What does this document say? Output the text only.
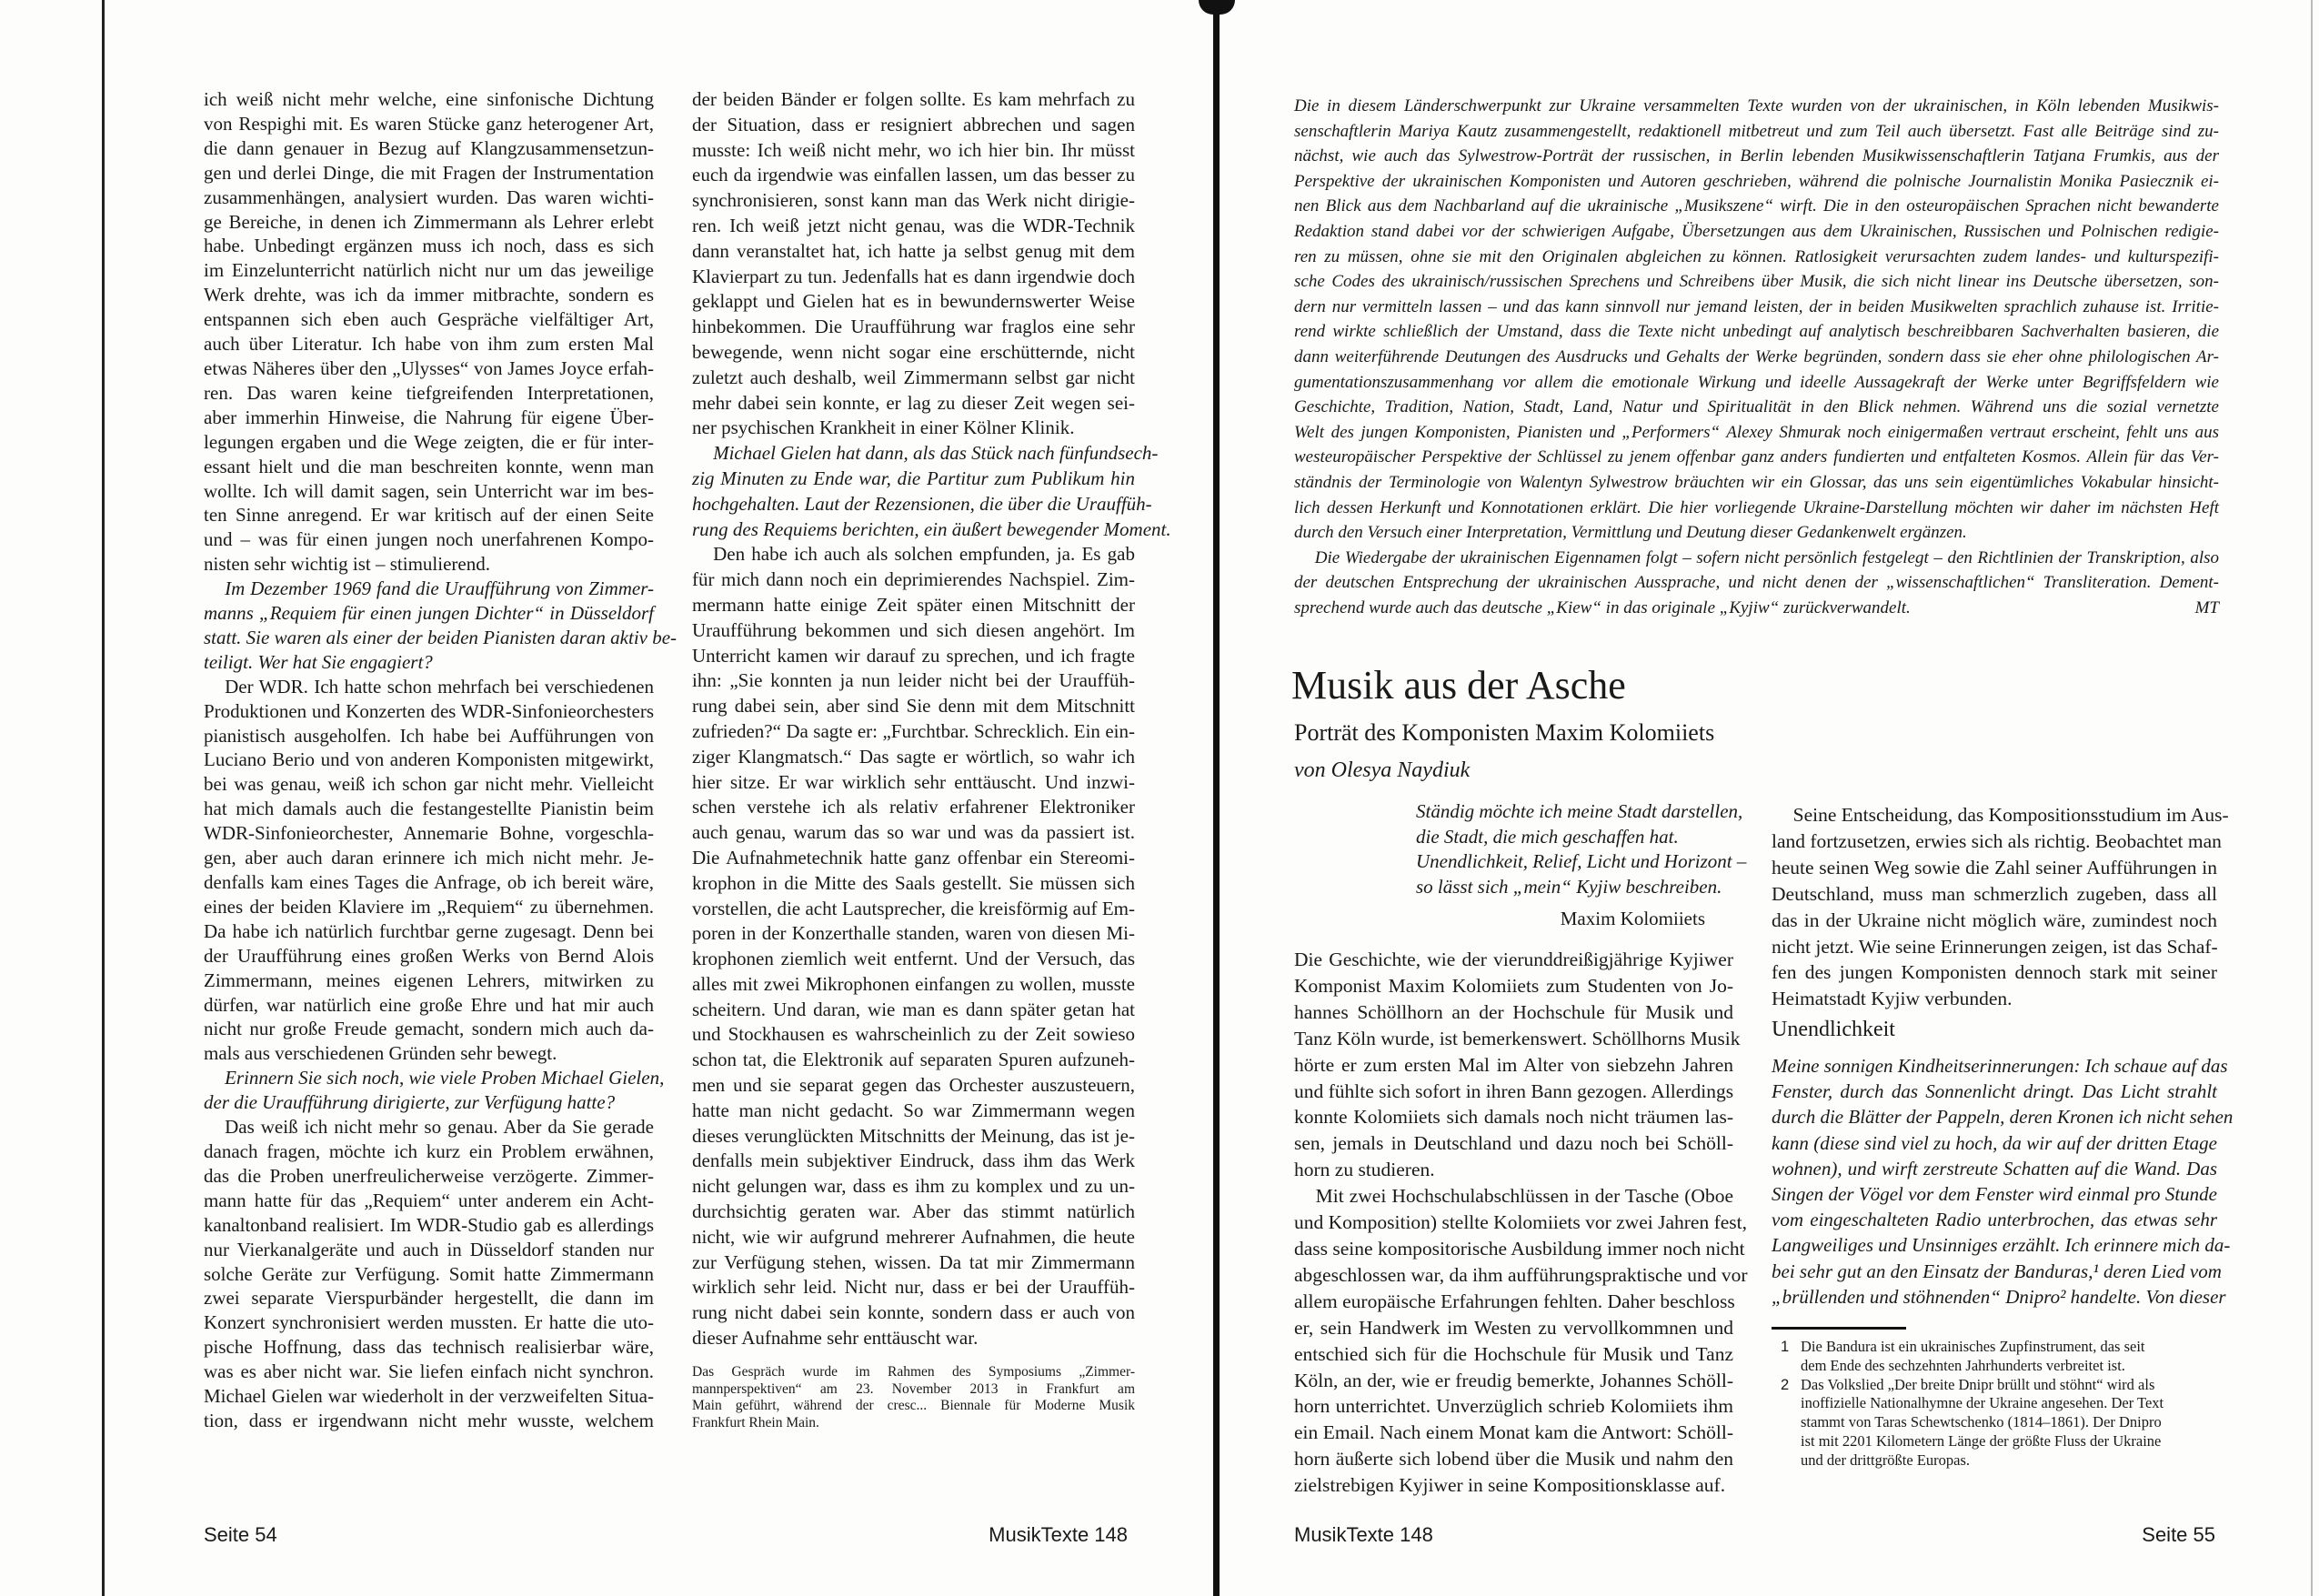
ich weiß nicht mehr welche, eine sinfonische Dichtung
von Respighi mit. Es waren Stücke ganz heterogener Art,
die dann genauer in Bezug auf Klangzusammensetzun-
gen und derlei Dinge, die mit Fragen der Instrumentation
zusammenhängen, analysiert wurden. Das waren wichti-
ge Bereiche, in denen ich Zimmermann als Lehrer erlebt
habe. Unbedingt ergänzen muss ich noch, dass es sich
im Einzelunterricht natürlich nicht nur um das jeweilige
Werk drehte, was ich da immer mitbrachte, sondern es
entspannen sich eben auch Gespräche vielfältiger Art,
auch über Literatur. Ich habe von ihm zum ersten Mal
etwas Näheres über den „Ulysses“ von James Joyce erfah-
ren. Das waren keine tiefgreifenden Interpretationen,
aber immerhin Hinweise, die Nahrung für eigene Über-
legungen ergaben und die Wege zeigten, die er für inter-
essant hielt und die man beschreiten konnte, wenn man
wollte. Ich will damit sagen, sein Unterricht war im bes-
ten Sinne anregend. Er war kritisch auf der einen Seite
und – was für einen jungen noch unerfahrenen Kompo-
nisten sehr wichtig ist – stimulierend.
Im Dezember 1969 fand die Uraufführung von Zimmer-
manns „Requiem für einen jungen Dichter“ in Düsseldorf
statt. Sie waren als einer der beiden Pianisten daran aktiv be-
teiligt. Wer hat Sie engagiert?
Der WDR. Ich hatte schon mehrfach bei verschiedenen
Produktionen und Konzerten des WDR-Sinfonieorchesters
pianistisch ausgeholfen. Ich habe bei Aufführungen von
Luciano Berio und von anderen Komponisten mitgewirkt,
bei was genau, weiß ich schon gar nicht mehr. Vielleicht
hat mich damals auch die festangestellte Pianistin beim
WDR-Sinfonieorchester, Annemarie Bohne, vorgeschla-
gen, aber auch daran erinnere ich mich nicht mehr. Je-
denfalls kam eines Tages die Anfrage, ob ich bereit wäre,
eines der beiden Klaviere im „Requiem“ zu übernehmen.
Da habe ich natürlich furchtbar gerne zugesagt. Denn bei
der Uraufführung eines großen Werks von Bernd Alois
Zimmermann, meines eigenen Lehrers, mitwirken zu
dürfen, war natürlich eine große Ehre und hat mir auch
nicht nur große Freude gemacht, sondern mich auch da-
mals aus verschiedenen Gründen sehr bewegt.
Erinnern Sie sich noch, wie viele Proben Michael Gielen,
der die Uraufführung dirigierte, zur Verfügung hatte?
Das weiß ich nicht mehr so genau. Aber da Sie gerade
danach fragen, möchte ich kurz ein Problem erwähnen,
das die Proben unerfreulicherweise verzögerte. Zimmer-
mann hatte für das „Requiem“ unter anderem ein Acht-
kanaltonband realisiert. Im WDR-Studio gab es allerdings
nur Vierkanalgeräte und auch in Düsseldorf standen nur
solche Geräte zur Verfügung. Somit hatte Zimmermann
zwei separate Vierspurbänder hergestellt, die dann im
Konzert synchronisiert werden mussten. Er hatte die uto-
pische Hoffnung, dass das technisch realisierbar wäre,
was es aber nicht war. Sie liefen einfach nicht synchron.
Michael Gielen war wiederholt in der verzweifelten Situa-
tion, dass er irgendwann nicht mehr wusste, welchem
der beiden Bänder er folgen sollte. Es kam mehrfach zu
der Situation, dass er resigniert abbrechen und sagen
musste: Ich weiß nicht mehr, wo ich hier bin. Ihr müsst
euch da irgendwie was einfallen lassen, um das besser zu
synchronisieren, sonst kann man das Werk nicht dirigie-
ren. Ich weiß jetzt nicht genau, was die WDR-Technik
dann veranstaltet hat, ich hatte ja selbst genug mit dem
Klavierpart zu tun. Jedenfalls hat es dann irgendwie doch
geklappt und Gielen hat es in bewundernswerter Weise
hinbekommen. Die Uraufführung war fraglos eine sehr
bewegende, wenn nicht sogar eine erschütternde, nicht
zuletzt auch deshalb, weil Zimmermann selbst gar nicht
mehr dabei sein konnte, er lag zu dieser Zeit wegen sei-
ner psychischen Krankheit in einer Kölner Klinik.
Michael Gielen hat dann, als das Stück nach fünfundsech-
zig Minuten zu Ende war, die Partitur zum Publikum hin
hochgehalten. Laut der Rezensionen, die über die Urauffüh-
rung des Requiems berichten, ein äußert bewegender Moment.
Den habe ich auch als solchen empfunden, ja. Es gab
für mich dann noch ein deprimierendes Nachspiel. Zim-
mermann hatte einige Zeit später einen Mitschnitt der
Uraufführung bekommen und sich diesen angehört. Im
Unterricht kamen wir darauf zu sprechen, und ich fragte
ihn: „Sie konnten ja nun leider nicht bei der Urauffüh-
rung dabei sein, aber sind Sie denn mit dem Mitschnitt
zufrieden?“ Da sagte er: „Furchtbar. Schrecklich. Ein ein-
ziger Klangmatsch.“ Das sagte er wörtlich, so wahr ich
hier sitze. Er war wirklich sehr enttäuscht. Und inzwi-
schen verstehe ich als relativ erfahrener Elektroniker
auch genau, warum das so war und was da passiert ist.
Die Aufnahmetechnik hatte ganz offenbar ein Stereomi-
krophon in die Mitte des Saals gestellt. Sie müssen sich
vorstellen, die acht Lautsprecher, die kreisförmig auf Em-
poren in der Konzerthalle standen, waren von diesen Mi-
krophonen ziemlich weit entfernt. Und der Versuch, das
alles mit zwei Mikrophonen einfangen zu wollen, musste
scheitern. Und daran, wie man es dann später getan hat
und Stockhausen es wahrscheinlich zu der Zeit sowieso
schon tat, die Elektronik auf separaten Spuren aufzuneh-
men und sie separat gegen das Orchester auszusteuern,
hatte man nicht gedacht. So war Zimmermann wegen
dieses verunglückten Mitschnitts der Meinung, das ist je-
denfalls mein subjektiver Eindruck, dass ihm das Werk
nicht gelungen war, dass es ihm zu komplex und zu un-
durchsichtig geraten war. Aber das stimmt natürlich
nicht, wie wir aufgrund mehrerer Aufnahmen, die heute
zur Verfügung stehen, wissen. Da tat mir Zimmermann
wirklich sehr leid. Nicht nur, dass er bei der Urauffüh-
rung nicht dabei sein konnte, sondern dass er auch von
dieser Aufnahme sehr enttäuscht war.
Das Gespräch wurde im Rahmen des Symposiums „Zimmer-
mannperspektiven“ am 23. November 2013 in Frankfurt am
Main geführt, während der cresc... Biennale für Moderne Musik
Frankfurt Rhein Main.
Seite 54	MusikTexte 148
Die in diesem Länderschwerpunkt zur Ukraine versammelten Texte wurden von der ukrainischen, in Köln lebenden Musikwis-
senschaftlerin Mariya Kautz zusammengestellt, redaktionell mitbetreut und zum Teil auch übersetzt. Fast alle Beiträge sind zu-
nächst, wie auch das Sylwestrow-Porträt der russischen, in Berlin lebenden Musikwissenschaftlerin Tatjana Frumkis, aus der
Perspektive der ukrainischen Komponisten und Autoren geschrieben, während die polnische Journalistin Monika Pasiecznik ei-
nen Blick aus dem Nachbarland auf die ukrainische „Musikszene“ wirft. Die in den osteuropäischen Sprachen nicht bewanderte
Redaktion stand dabei vor der schwierigen Aufgabe, Übersetzungen aus dem Ukrainischen, Russischen und Polnischen redigie-
ren zu müssen, ohne sie mit den Originalen abgleichen zu können. Ratlosigkeit verursachten zudem landes- und kulturspezifi-
sche Codes des ukrainisch/russischen Sprechens und Schreibens über Musik, die sich nicht linear ins Deutsche übersetzen, son-
dern nur vermitteln lassen – und das kann sinnvoll nur jemand leisten, der in beiden Musikwelten sprachlich zuhause ist. Irritie-
rend wirkte schließlich der Umstand, dass die Texte nicht unbedingt auf analytisch beschreibbaren Sachverhalten basieren, die
dann weiterführende Deutungen des Ausdrucks und Gehalts der Werke begründen, sondern dass sie eher ohne philologischen Ar-
gumentationszusammenhang vor allem die emotionale Wirkung und ideelle Aussagekraft der Werke unter Begriffsfeldern wie
Geschichte, Tradition, Nation, Stadt, Land, Natur und Spiritualität in den Blick nehmen. Während uns die sozial vernetzte
Welt des jungen Komponisten, Pianisten und „Performers“ Alexey Shmurak noch einigermaßen vertraut erscheint, fehlt uns aus
westeuropäischer Perspektive der Schlüssel zu jenem offenbar ganz anders fundierten und entfalteten Kosmos. Allein für das Ver-
ständnis der Terminologie von Walentyn Sylwestrow bräuchten wir ein Glossar, das uns sein eigentümliches Vokabular hinsicht-
lich dessen Herkunft und Konnotationen erklärt. Die hier vorliegende Ukraine-Darstellung möchten wir daher im nächsten Heft
durch den Versuch einer Interpretation, Vermittlung und Deutung dieser Gedankenwelt ergänzen.
Die Wiedergabe der ukrainischen Eigennamen folgt – sofern nicht persönlich festgelegt – den Richtlinien der Transkription, also
der deutschen Entsprechung der ukrainischen Aussprache, und nicht denen der „wissenschaftlichen“ Transliteration. Dement-
sprechend wurde auch das deutsche „Kiew“ in das originale „Kyjiw“ zurückverwandelt.	MT
Musik aus der Asche
Porträt des Komponisten Maxim Kolomiiets
von Olesya Naydiuk
Ständig möchte ich meine Stadt darstellen,
die Stadt, die mich geschaffen hat.
Unendlichkeit, Relief, Licht und Horizont –
so lässt sich „mein“ Kyjiw beschreiben.
Maxim Kolomiiets
Die Geschichte, wie der vierunddreißigjährige Kyjiwer
Komponist Maxim Kolomiiets zum Studenten von Jo-
hannes Schöllhorn an der Hochschule für Musik und
Tanz Köln wurde, ist bemerkenswert. Schöllhorns Musik
hörte er zum ersten Mal im Alter von siebzehn Jahren
und fühlte sich sofort in ihren Bann gezogen. Allerdings
konnte Kolomiiets sich damals noch nicht träumen las-
sen, jemals in Deutschland und dazu noch bei Schöll-
horn zu studieren.
Mit zwei Hochschulabschlüssen in der Tasche (Oboe
und Komposition) stellte Kolomiiets vor zwei Jahren fest,
dass seine kompositorische Ausbildung immer noch nicht
abgeschlossen war, da ihm aufführungspraktische und vor
allem europäische Erfahrungen fehlten. Daher beschloss
er, sein Handwerk im Westen zu vervollkommnen und
entschied sich für die Hochschule für Musik und Tanz
Köln, an der, wie er freudig bemerkte, Johannes Schöll-
horn unterrichtet. Unverzüglich schrieb Kolomiiets ihm
ein Email. Nach einem Monat kam die Antwort: Schöll-
horn äußerte sich lobend über die Musik und nahm den
zielstrebigen Kyjiwer in seine Kompositionsklasse auf.
Seine Entscheidung, das Kompositionsstudium im Aus-
land fortzusetzen, erwies sich als richtig. Beobachtet man
heute seinen Weg sowie die Zahl seiner Aufführungen in
Deutschland, muss man schmerzlich zugeben, dass all
das in der Ukraine nicht möglich wäre, zumindest noch
nicht jetzt. Wie seine Erinnerungen zeigen, ist das Schaf-
fen des jungen Komponisten dennoch stark mit seiner
Heimatstadt Kyjiw verbunden.
Unendlichkeit
Meine sonnigen Kindheitserinnerungen: Ich schaue auf das
Fenster, durch das Sonnenlicht dringt. Das Licht strahlt
durch die Blätter der Pappeln, deren Kronen ich nicht sehen
kann (diese sind viel zu hoch, da wir auf der dritten Etage
wohnen), und wirft zerstreute Schatten auf die Wand. Das
Singen der Vögel vor dem Fenster wird einmal pro Stunde
vom eingeschalteten Radio unterbrochen, das etwas sehr
Langweiliges und Unsinniges erzählt. Ich erinnere mich da-
bei sehr gut an den Einsatz der Banduras,¹ deren Lied vom
„brüllenden und stöhnenden“ Dnipro² handelte. Von dieser
1 Die Bandura ist ein ukrainisches Zupfinstrument, das seit
dem Ende des sechzehnten Jahrhunderts verbreitet ist.
2 Das Volkslied „Der breite Dnipr brüllt und stöhnt“ wird als
inoffizielle Nationalhymne der Ukraine angesehen. Der Text
stammt von Taras Schewtschenko (1814–1861). Der Dnipro
ist mit 2201 Kilometern Länge der größte Fluss der Ukraine
und der drittgrößte Europas.
MusikTexte 148	Seite 55
